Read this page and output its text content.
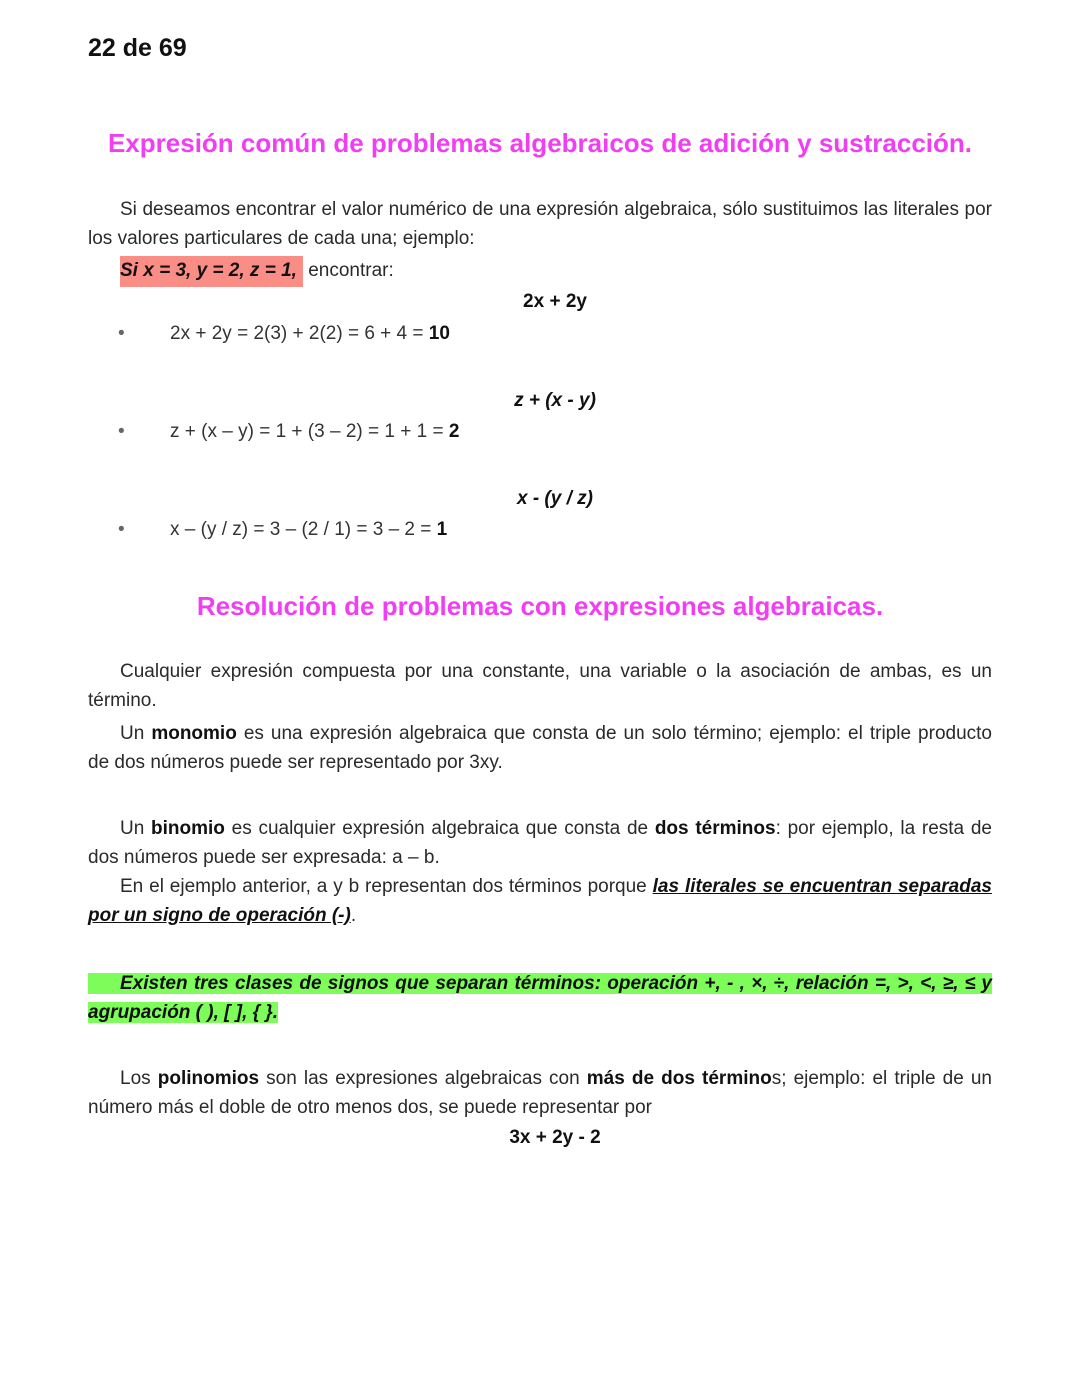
22 de 69
Expresión común de problemas algebraicos de adición y sustracción.
Si deseamos encontrar el valor numérico de una expresión algebraica, sólo sustituimos las literales por los valores particulares de cada una; ejemplo:
Si x = 3, y = 2, z = 1, encontrar:
2x + 2y
• 2x + 2y = 2(3) + 2(2) = 6 + 4 = 10
z + (x - y)
• z + (x – y) = 1 + (3 – 2) = 1 + 1 = 2
x - (y / z)
• x – (y / z) = 3 – (2 / 1) = 3 – 2 = 1
Resolución de problemas con expresiones algebraicas.
Cualquier expresión compuesta por una constante, una variable o la asociación de ambas, es un término.
Un monomio es una expresión algebraica que consta de un solo término; ejemplo: el triple producto de dos números puede ser representado por 3xy.
Un binomio es cualquier expresión algebraica que consta de dos términos: por ejemplo, la resta de dos números puede ser expresada: a – b.
En el ejemplo anterior, a y b representan dos términos porque las literales se encuentran separadas por un signo de operación (-).
Existen tres clases de signos que separan términos: operación +, - , ×, ÷, relación =, >, <, ≥, ≤ y agrupación ( ), [ ], { }.
Los polinomios son las expresiones algebraicas con más de dos términos; ejemplo: el triple de un número más el doble de otro menos dos, se puede representar por
3x + 2y - 2
